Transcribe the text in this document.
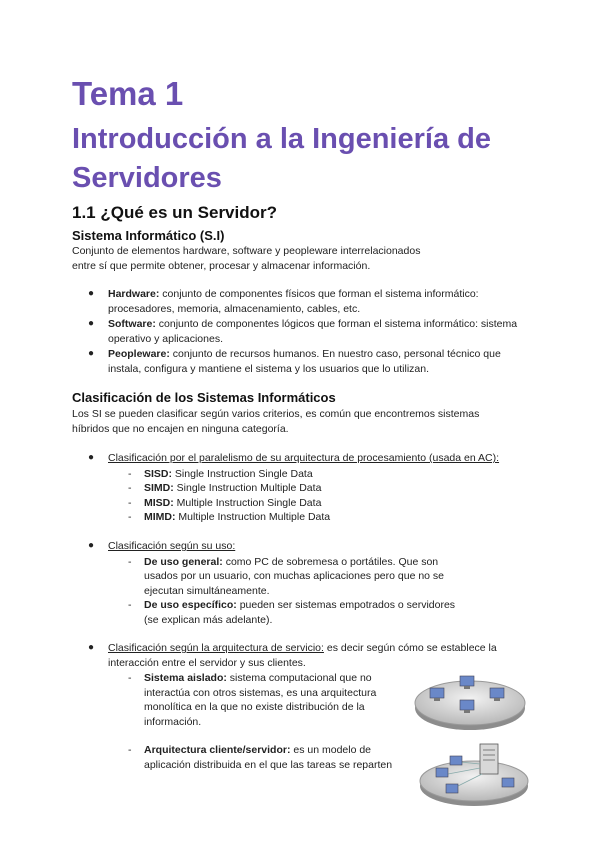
Tema 1
Introducción a la Ingeniería de Servidores
1.1 ¿Qué es un Servidor?
Sistema Informático (S.I)
Conjunto de elementos hardware, software y peopleware interrelacionados
entre sí que permite obtener, procesar y almacenar información.
● Hardware: conjunto de componentes físicos que forman el sistema informático: procesadores, memoria, almacenamiento, cables, etc.
● Software: conjunto de componentes lógicos que forman el sistema informático: sistema operativo y aplicaciones.
● Peopleware: conjunto de recursos humanos. En nuestro caso, personal técnico que instala, configura y mantiene el sistema y los usuarios que lo utilizan.
Clasificación de los Sistemas Informáticos
Los SI se pueden clasificar según varios criterios, es común que encontremos sistemas
híbridos que no encajen en ninguna categoría.
● Clasificación por el paralelismo de su arquitectura de procesamiento (usada en AC):
- SISD: Single Instruction Single Data
- SIMD: Single Instruction Multiple Data
- MISD: Multiple Instruction Single Data
- MIMD: Multiple Instruction Multiple Data
● Clasificación según su uso:
- De uso general: como PC de sobremesa o portátiles. Que son usados por un usuario, con muchas aplicaciones pero que no se ejecutan simultáneamente.
- De uso específico: pueden ser sistemas empotrados o servidores (se explican más adelante).
● Clasificación según la arquitectura de servicio: es decir según cómo se establece la interacción entre el servidor y sus clientes.
- Sistema aislado: sistema computacional que no interactúa con otros sistemas, es una arquitectura monolítica en la que no existe distribución de la información.
- Arquitectura cliente/servidor: es un modelo de aplicación distribuida en el que las tareas se reparten
